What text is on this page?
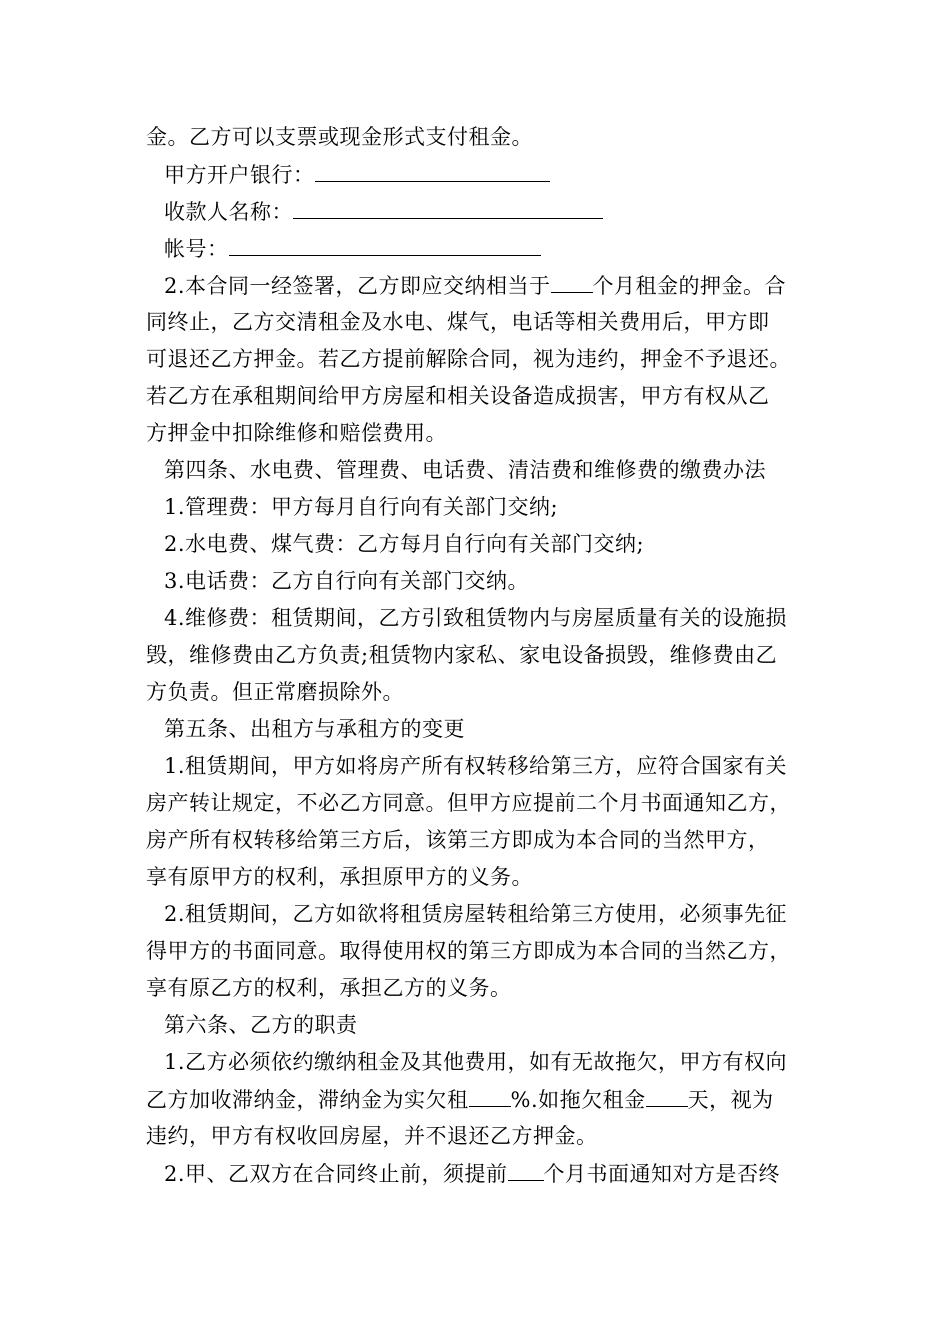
金。乙方可以支票或现金形式支付租金。
甲方开户银行：
收款人名称：
帐号：
2.本合同一经签署，乙方即应交纳相当于 个月租金的押金。合
同终止，乙方交清租金及水电、煤气，电话等相关费用后，甲方即
可退还乙方押金。若乙方提前解除合同，视为违约，押金不予退还。
若乙方在承租期间给甲方房屋和相关设备造成损害，甲方有权从乙
方押金中扣除维修和赔偿费用。
第四条、水电费、管理费、电话费、清洁费和维修费的缴费办法
1.管理费：甲方每月自行向有关部门交纳;
2.水电费、煤气费：乙方每月自行向有关部门交纳;
3.电话费：乙方自行向有关部门交纳。
4.维修费：租赁期间，乙方引致租赁物内与房屋质量有关的设施损
毁，维修费由乙方负责;租赁物内家私、家电设备损毁，维修费由乙
方负责。但正常磨损除外。
第五条、出租方与承租方的变更
1.租赁期间，甲方如将房产所有权转移给第三方，应符合国家有关
房产转让规定，不必乙方同意。但甲方应提前二个月书面通知乙方，
房产所有权转移给第三方后，该第三方即成为本合同的当然甲方，
享有原甲方的权利，承担原甲方的义务。
2.租赁期间，乙方如欲将租赁房屋转租给第三方使用，必须事先征
得甲方的书面同意。取得使用权的第三方即成为本合同的当然乙方，
享有原乙方的权利，承担乙方的义务。
第六条、乙方的职责
1.乙方必须依约缴纳租金及其他费用，如有无故拖欠，甲方有权向
乙方加收滞纳金，滞纳金为实欠租 %.如拖欠租金 天，视为
违约，甲方有权收回房屋，并不退还乙方押金。
2.甲、乙双方在合同终止前，须提前 个月书面通知对方是否终
